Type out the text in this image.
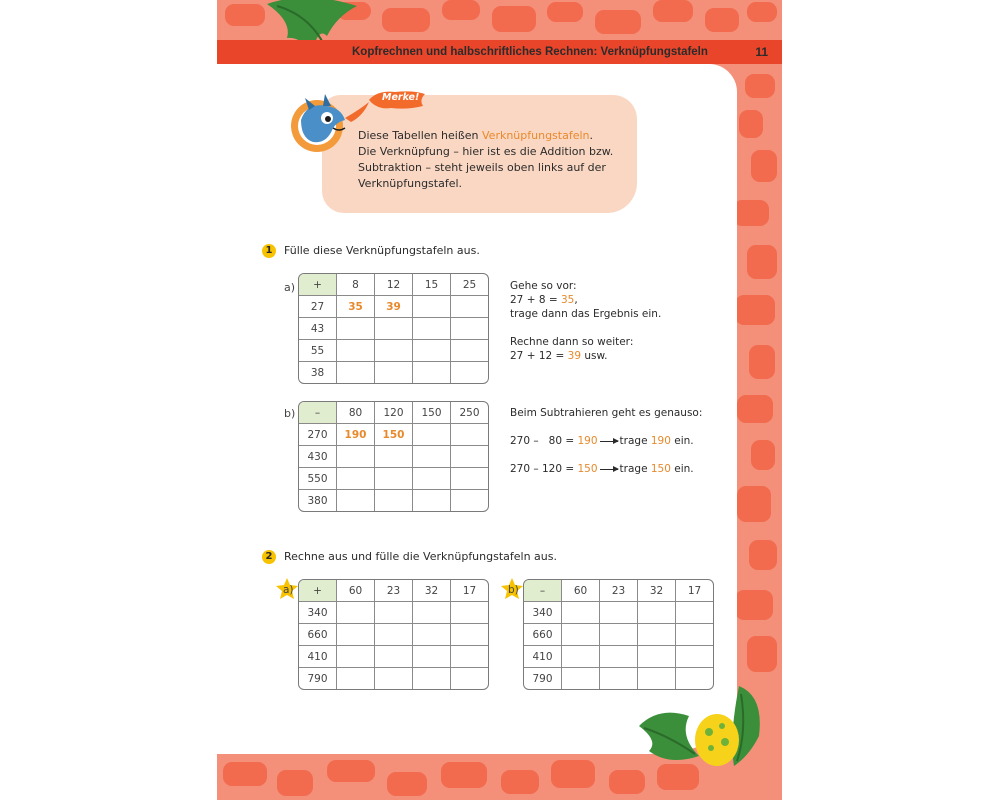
Kopfrechnen und halbschriftliches Rechnen: Verknüpfungstafeln	11
Merke!
Diese Tabellen heißen Verknüpfungstafeln.
Die Verknüpfung – hier ist es die Addition bzw.
Subtraktion – steht jeweils oben links auf der
Verknüpfungstafel.
1	Fülle diese Verknüpfungstafeln aus.
a) +	8	12	15	25
27	35	39		
43				
55				
38				
Gehe so vor:
27 + 8 = 35,
trage dann das Ergebnis ein.
Rechne dann so weiter:
27 + 12 = 39 usw.
b) –	80	120	150	250
270	190	150		
430				
550				
380				
Beim Subtrahieren geht es genauso:
270 –   80 = 190 trage 190 ein.
270 – 120 = 150 trage 150 ein.
2	Rechne aus und fülle die Verknüpfungstafeln aus.
a) +	60	23	32	17
340				
660				
410				
790				
b) –	60	23	32	17
340				
660				
410				
790				
